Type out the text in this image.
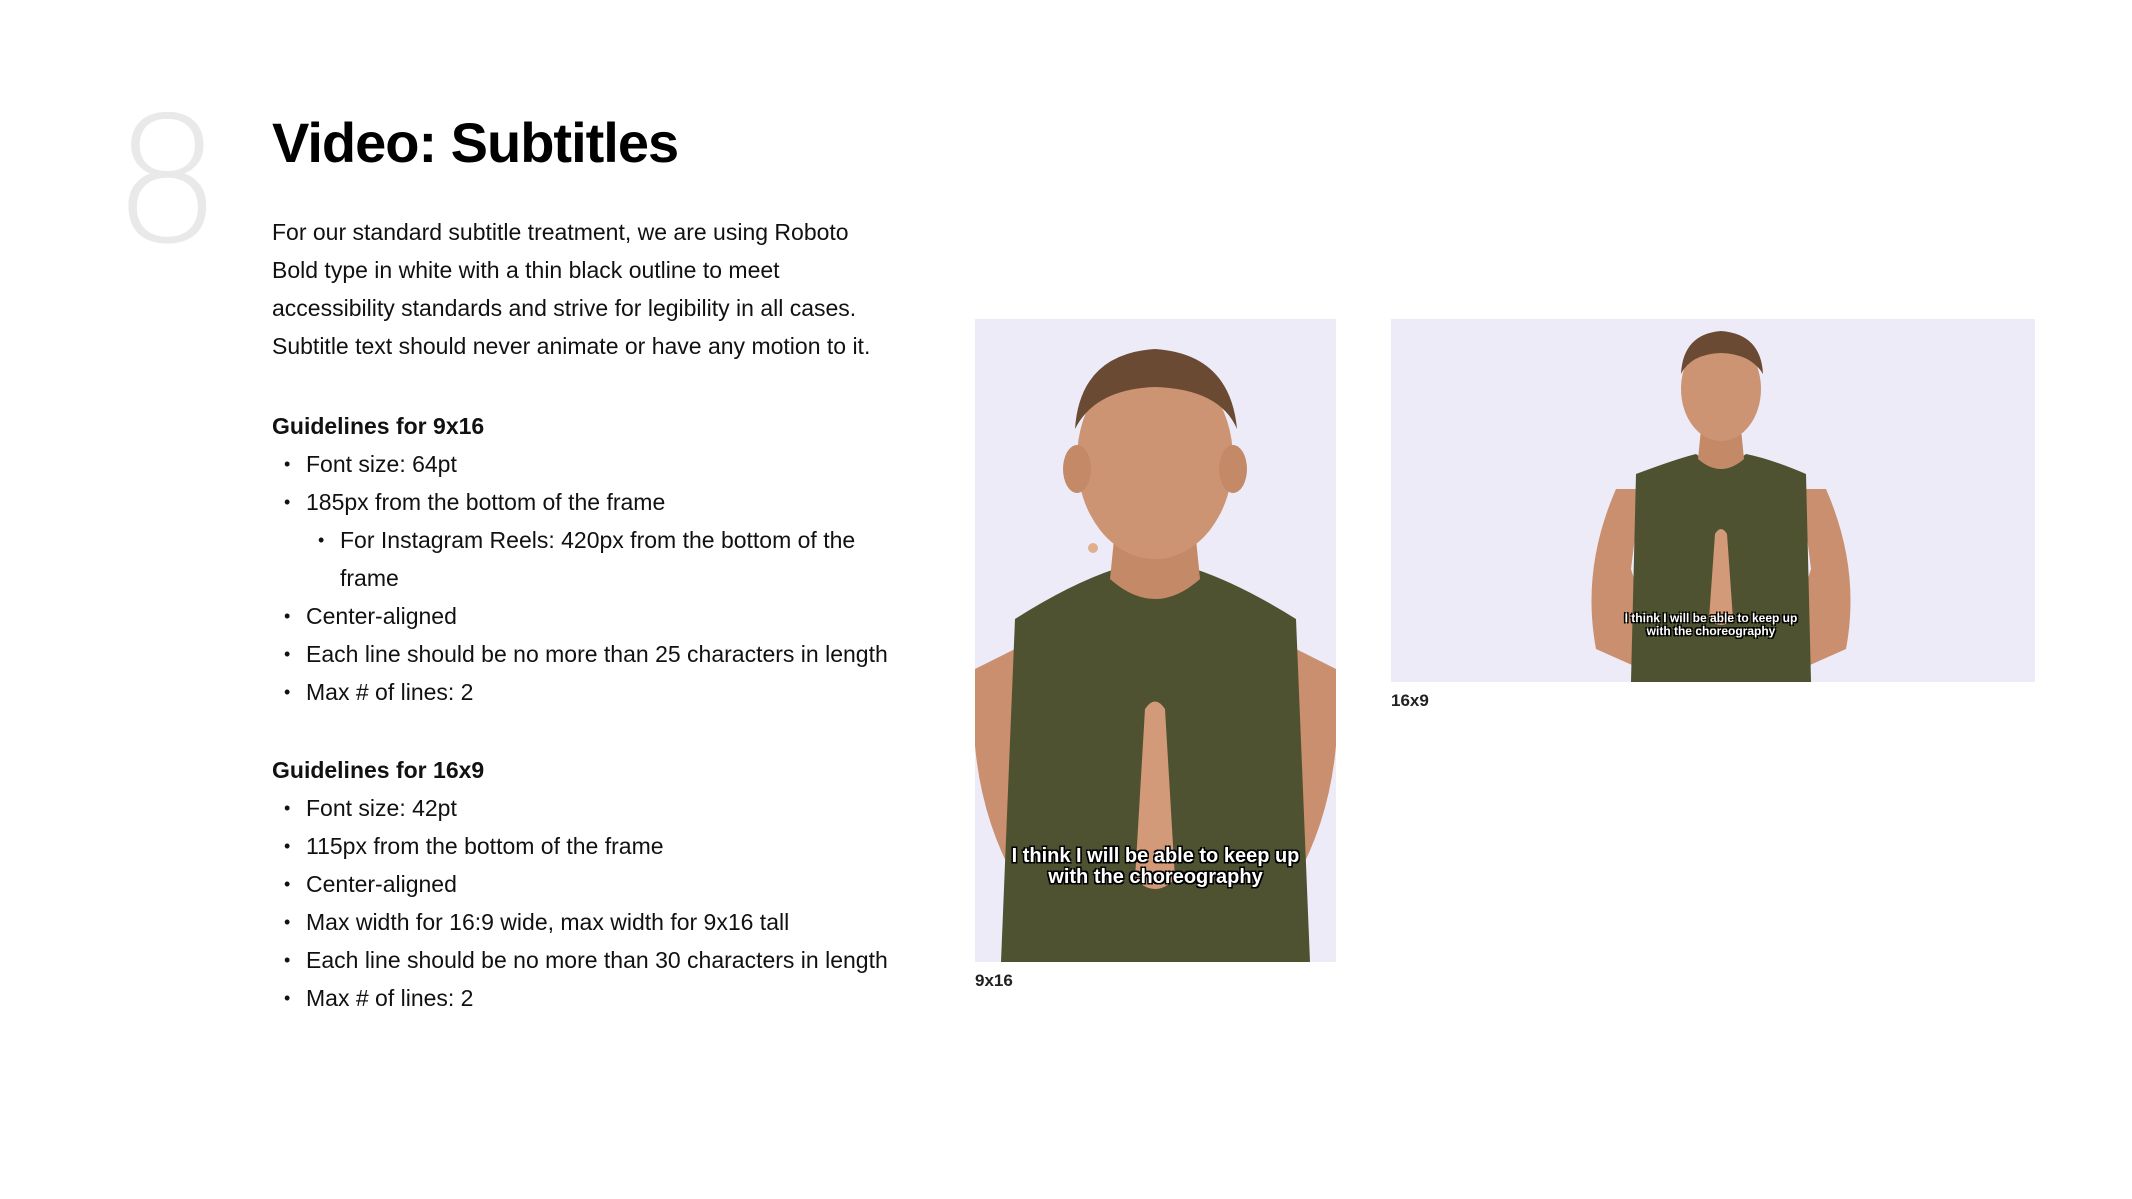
8 Video: Subtitles

For our standard subtitle treatment, we are using Roboto Bold type in white with a thin black outline to meet accessibility standards and strive for legibility in all cases. Subtitle text should never animate or have any motion to it.

Guidelines for 9x16
• Font size: 64pt
• 185px from the bottom of the frame
• For Instagram Reels: 420px from the bottom of the frame
• Center-aligned
• Each line should be no more than 25 characters in length
• Max # of lines: 2
Guidelines for 16x9
• Font size: 42pt
• 115px from the bottom of the frame
• Center-aligned
• Max width for 16:9 wide, max width for 9x16 tall
• Each line should be no more than 30 characters in length
• Max # of lines: 2
I think I will be able to keep up
with the choreography
9x16
I think I will be able to keep up
with the choreography
16x9
